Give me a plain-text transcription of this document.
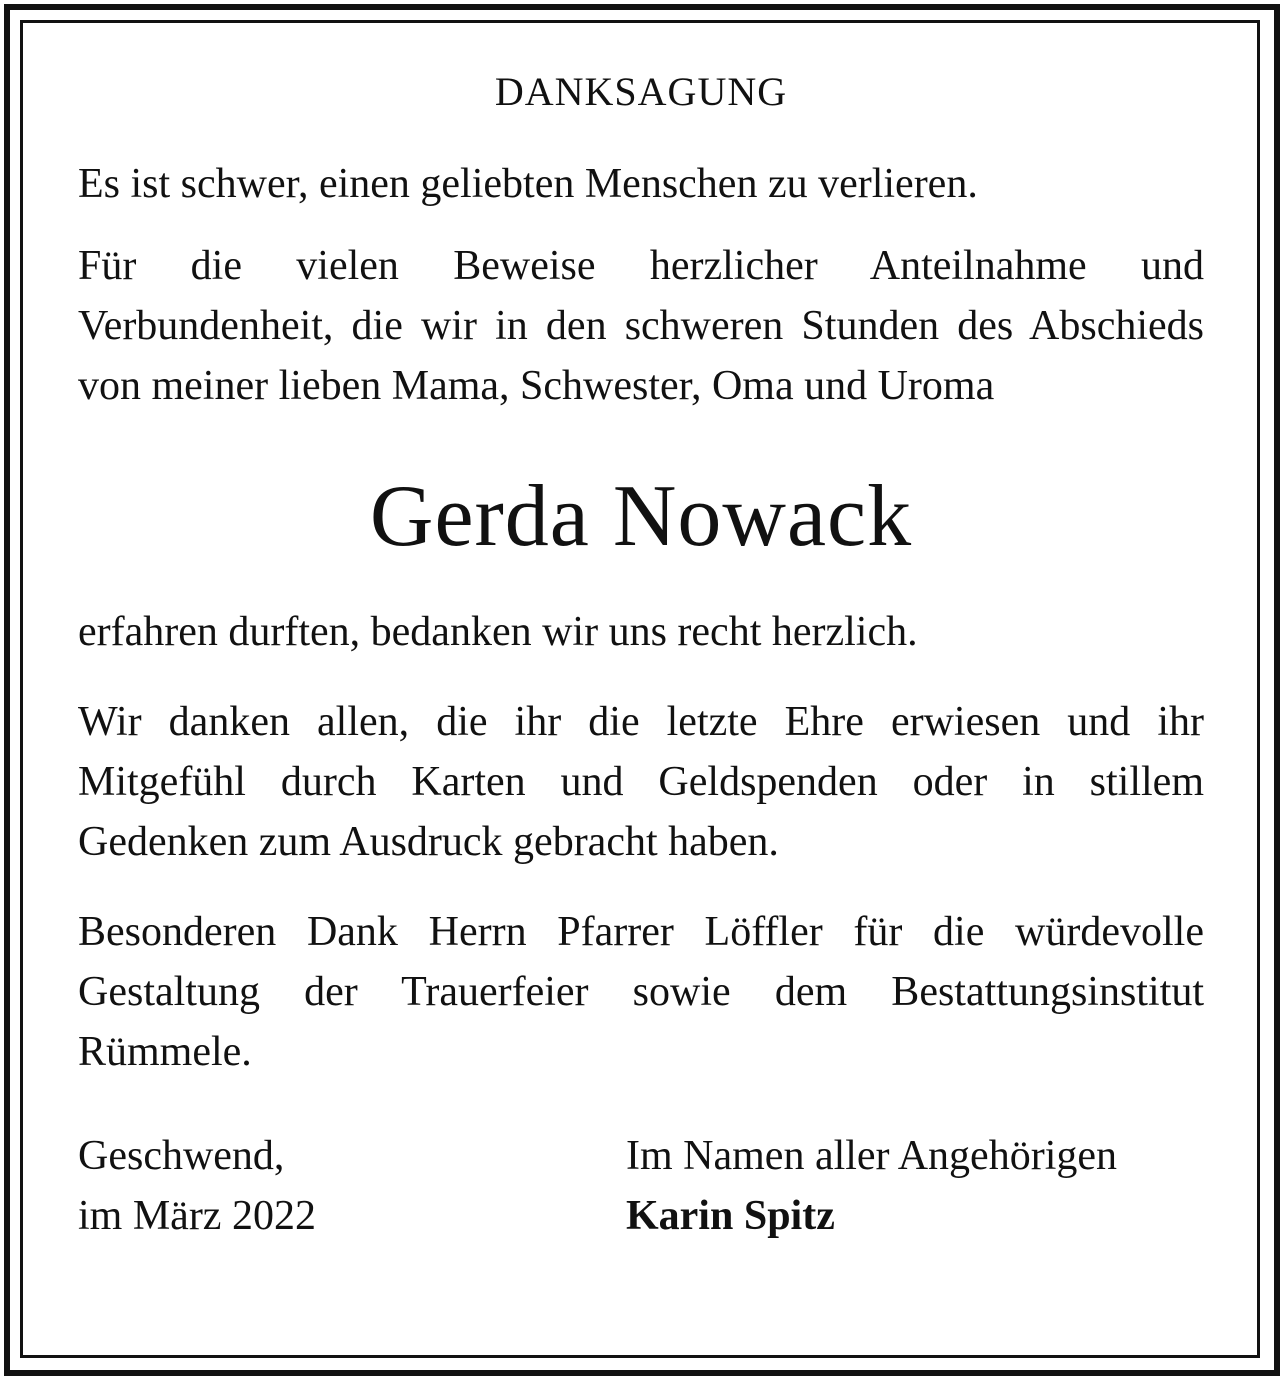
DANKSAGUNG

Es ist schwer, einen geliebten Menschen zu verlieren.

Für die vielen Beweise herzlicher Anteilnahme und Verbundenheit, die wir in den schweren Stunden des Abschieds von meiner lieben Mama, Schwester, Oma und Uroma

Gerda Nowack

erfahren durften, bedanken wir uns recht herzlich.

Wir danken allen, die ihr die letzte Ehre erwiesen und ihr Mitgefühl durch Karten und Geldspenden oder in stillem Gedenken zum Ausdruck gebracht haben.

Besonderen Dank Herrn Pfarrer Löffler für die würdevolle Gestaltung der Trauerfeier sowie dem Bestattungsinstitut Rümmele.

Geschwend,
im März 2022
Im Namen aller Angehörigen
Karin Spitz
